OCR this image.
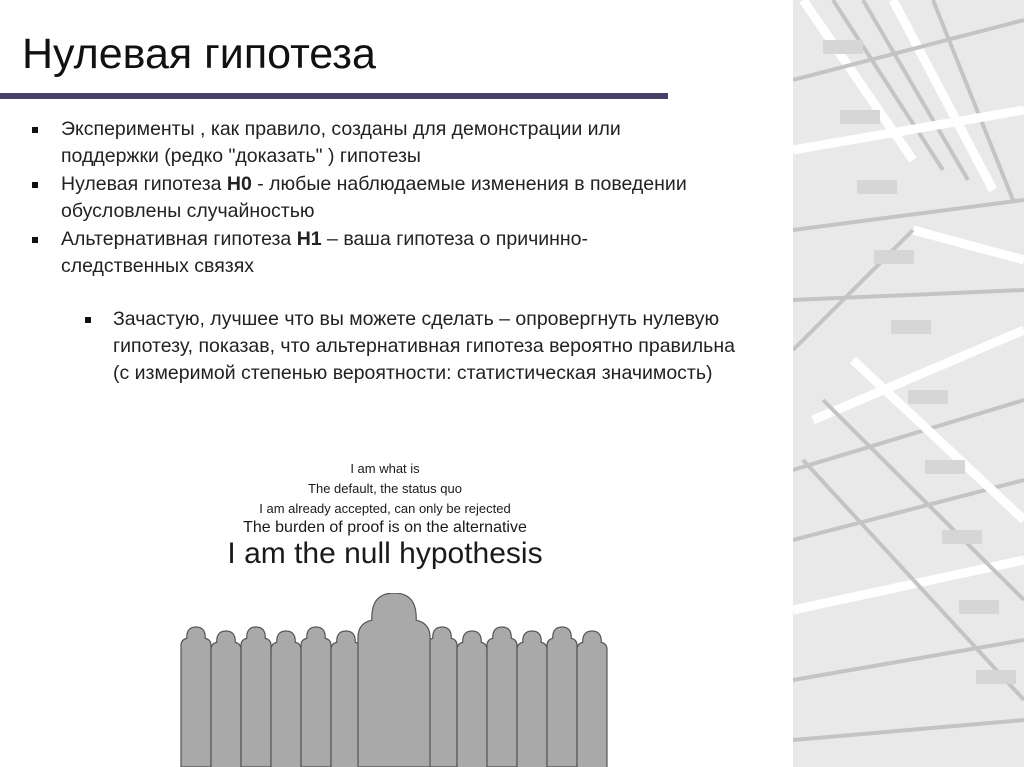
Нулевая гипотеза
Эксперименты , как правило, созданы для демонстрации или поддержки (редко "доказать" ) гипотезы
Нулевая гипотеза H0 - любые наблюдаемые изменения в поведении обусловлены случайностью
Альтернативная гипотеза H1 – ваша гипотеза о причинно-следственных связях
Зачастую, лучшее что вы можете сделать – опровергнуть нулевую гипотезу, показав, что альтернативная гипотеза вероятно правильна (с измеримой степенью вероятности: статистическая значимость)
I am what is
The default, the status quo
I am already accepted, can only be rejected
The burden of proof is on the alternative
I am the null hypothesis
